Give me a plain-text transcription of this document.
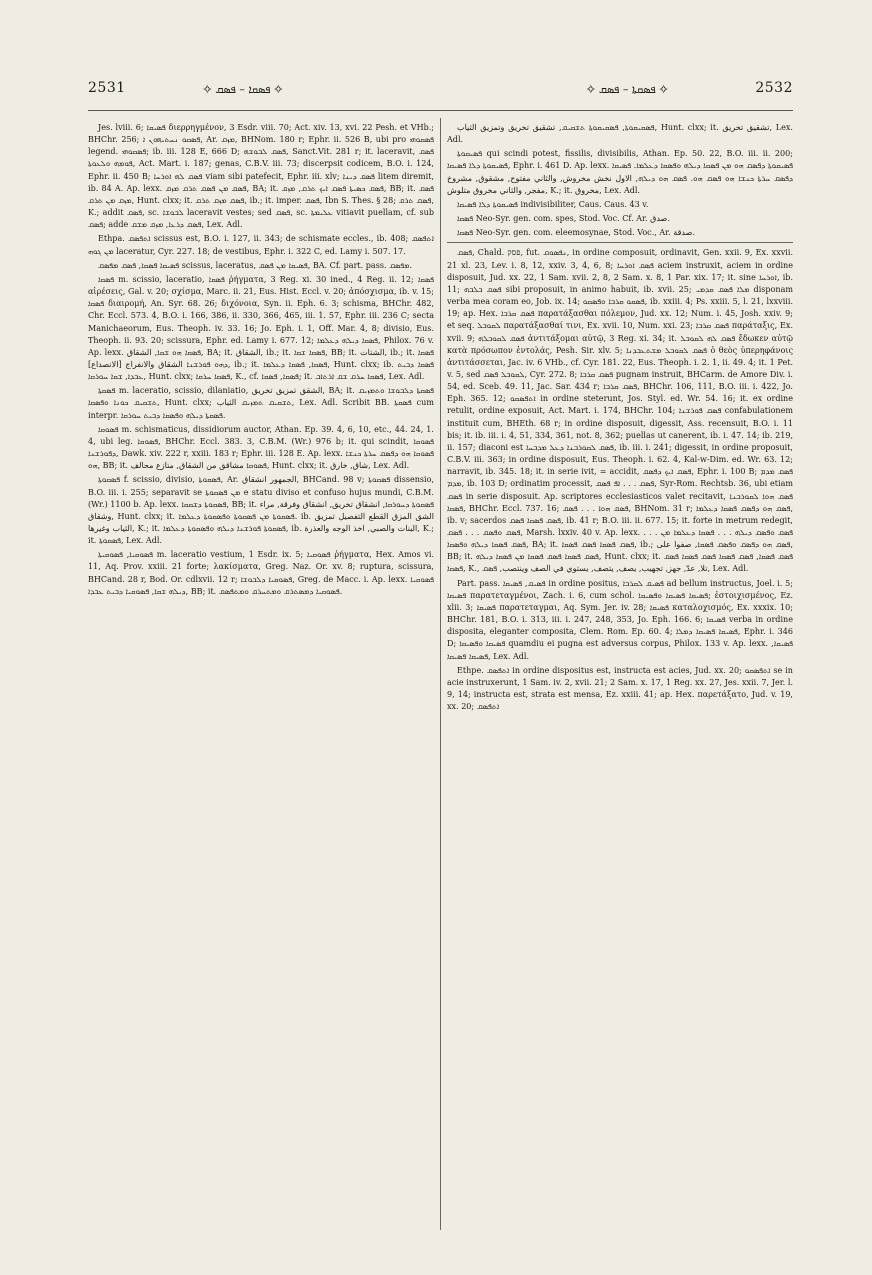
2531	✧ ܦܣܩܐ – ܦܣܩ ✧	✧ ܦܣܩܬܐ – ܦܣܩ ✧	2532

Jes. lviii. 6; ܦܣܝܩܐ διερρηγμένον, 3 Esdr. viii. 70; Act. xiv. 13, xvi. 22 Pesh. et VHb.; BHChr. 256; ܦܣܩܘ ܢܚܬܝܗܘܢ ܐ, Ar. ܡܙܩ, BHNom. 180 r; Ephr. ii. 526 B, ubi pro ܦܣܩܘܗܝ legend. ܦܣܩܘܗܝ; ib. iii. 128 E, 666 D; ܦܣܩ ܠܒܘܫܗ, Sanct.Vit. 281 r; it. laceravit, ܦܣܩ ܦܘܡܗ ܘܠܥܘܬܐ, Act. Mart. i. 187; genas, C.B.V. iii. 73; discerpsit codicem, B.O. i. 124, Ephr. ii. 450 B; ܦܣܩ ܠܗ ܐܘܪܚܐ viam sibi patefecit, Ephr. iii. xlv; ܦܣܩ ܕܝܢܐ litem diremit, ib. 84 A. Ap. lexx. ܦܣܩ ܡܢ ܦܣܩ ܬܪܩ ܡܙܩ, BA; it. ܦܣܩ ܟܣܝܬܐ ܦܣܩ ܐܝܟ ܬܪܩ, ܡܙܩ, BB; it. ܦܣܩ ܡܙܩ ܡܢ ܬܪܩ, Hunt. clxx; it. ܦܣܩ ܡܙܩ ܬܪܩ, ib.; it. imper. ܦܣܩ, Ibn S. Thes. § 28; ܦܣܩ ܬܪܩ, K.; addit ܦܣܩ, sc. ܠܒܘܫܐ laceravit vestes; sed ܦܣܩ, sc. ܥܠܝܡܬܐ vitiavit puellam, cf. sub ܦܣܩ; adde ܦܣܩ ܕܪܥܐ, ܡܙܩ ܡܫܩ, Lex. Adl.

Ethpa. ܐܬܦܣܩ scissus est, B.O. i. 127, ii. 343; de schismate eccles., ib. 408; ܐܬܦܣܩ ܡܢ ܓܘܗ laceratur, Cyr. 227. 18; de vestibus, Ephr. i. 322 C, ed. Lamy i. 507. 17.

ܦܣܝܩܐ ܦܣܩܐ, ܦܣܩ ܡܦܣܩ scissus, laceratus, ܦܣܝܩܐ ܡܢ ܦܣܩ, BA. Cf. part. pass. ܡܦܣܩ.

ܦܣܩܐ m. scissio, laceratio, ܦܣܩܐ ῥήγματα, 3 Reg. xi. 30 ined., 4 Reg. ii. 12; ܦܣܩܐ αἱρέσεις, Gal. v. 20; σχίσμα, Marc. ii. 21, Eus. Hist. Eccl. v. 20; ἀπόσχισμα, ib. v. 15; ܦܣܩܐ διαιρομή, An. Syr. 68. 26; διχόνοια, Syn. ii. Eph. 6. 3; schisma, BHChr. 482, Chr. Eccl. 573. 4, B.O. i. 166, 386, ii. 330, 366, 465, iii. 1. 57, Ephr. iii. 236 C; secta Manichaeorum, Eus. Theoph. iv. 33. 16; Jo. Eph. i. 1, Off. Mar. 4, 8; divisio, Eus. Theoph. ii. 93. 20; scissura, Ephr. ed. Lamy i. 677. 12; ܦܣܩܐ ܕܝܠܗ ܕܥܠܡܐ, Philox. 76 v. Ap. lexx. ܦܣܩܐ ܗܘ ܫܩܐ, الشقاق, BA; it. الشقاق, ib.; it. ܦܣܩܐ ܫܩܐ, BB; it. الشتات, ib.; it. ܦܣܩܐ ܕܗܘ ܦܘܪܫܢܐ الشقاق والانفراج [الانصداع], ib.; it. ܦܣܩܐ, ܦܣܩܐ ܕܥܠܡܐ, Hunt. clxx; ib. ܦܣܩܐ ܕܒܝܬ ܥܒܕܐ, ܫܩܐ ܚܘܪܩܐ, Hunt. clxx; ܦܣܩܐ ܚܪܩܐ, K., cf. ܦܣܩܐ, ܦܣܩܐ; it. ܦܣܩܐ ܚܪܩ ܫܩ ܐܪܬܐܒ, Lex. Adl.

ܦܣܩܬܐ m. laceratio, scissio, dilaniatio, الشقق تمزيق تخريق, BA; it. ܦܣܩܬܐ ܕܠܒܘܫܐ ܘܬܡܙܝܩ ܬܫܩܝܩ ܟܘܢܐ ܘܦܣܩܐ, Hunt. clxx; ܬܫܩܝܩ ܬܡܙܝܩ الثياب, Lex. Adl. Scribit BB. ܦܣܩܬܐ cum interpr. ܦܣܩܬܐ ܕܝܠܗ ܘܦܣܩܐ ܕܒܝܬ ܚܘܪܩܐ.

ܦܣܘܩܐ m. schismaticus, dissidiorum auctor, Athan. Ep. 39. 4, 6, 10, etc., 44. 24, 1. 4, ubi leg. ܦܣܘܩܐ, BHChr. Eccl. 383. 3, C.B.M. (Wr.) 976 b; it. qui scindit, ܦܣܘܩܐ ܕܦܘܪܫܢܐ, Dawk. xiv. 222 r, xxiii. 183 r; Ephr. iii. 128 E. Ap. lexx. ܦܣܘܩܐ ܗܘ ܕܦܣܩ ܚܪܬܐ ܟܢܫܐ ܗܘ, BB; it. ܦܣܘܩܐ مشاقق من الشقاق, متازع محالف, Hunt. clxx; it. شاق, خارق, Lex. Adl.

ܦܣܩܘܬܐ f. scissio, divisio, ܦܣܩܘܬܐ, Ar. الجمهور انشقاق, BHCand. 98 v; ܦܣܩܘܬܐ dissensio, B.O. iii. i. 255; separavit se ܡܢ ܦܣܩܘܬܐ e statu diviso et confuso hujus mundi, C.B.M. (Wr.) 1100 b. Ap. lexx. ܦܣܩܘܬܐ ܕܫܩܩܐ, BB; it. ܦܣܩܘܬܐ ܕܚܘܪܩܐ, انشقاق تخريق, انشقاق وفرقة, مراء وشقاق, Hunt. clxx; it. ܦܣܩܘܬܐ ܡܢ ܦܣܩܘܬܐ ܘܦܣܩܘܬܐ ܕܥܠܡܐ. ib. الشق المزق القطع التفصيل تمزيق الثياب وغيرها, K.; it. ܦܣܩܘܬܐ ܦܘܪܫܢܐ ܕܝܠܗ ܘܦܣܩܘܬܐ ܕܥܠܡܐ, ib. البنات والصبي, اخذ الوجه والعذرة, K.; it. ܦܣܩܘܬܐ, Lex. Adl.

ܦܣܘܩܝܐ, ܦܣܘܩܝܬܐ m. laceratio vestium, 1 Esdr. ix. 5; ܦܣܘܩܝܐ ῥήγματα, Hex. Amos vi. 11, Aq. Prov. xxiii. 21 forte; λακίσματα, Greg. Naz. Or. xv. 8; ruptura, scissura, BHCand. 28 r, Bod. Or. cdlxvii. 12 r; ܦܣܘܩܝܐ ܕܠܒܘܫܐ, Greg. de Macc. i. Ap. lexx. ܦܣܘܩܝܐ ܕܝܠܗ ܫܩܐ, ܦܣܘܩܝܐ ܕܒܝܬ ܥܒܕܐ, BB; it. ܦܣܘܩܝܐ ܕܡܣܬܪܩ ܘܡܬܚܪܩ ܘܡܬܦܣܩ.

ܦܣܩܝܩܘܬܐ, ܦܣܩܝܩܘܬܐ ܬܫܩܝܩ, تشقيق تخريق وتمزيق الثياب, Hunt. clxx; it. تشقيق تخريق, Lex. Adl.

ܦܣܝܩܘܬܐ qui scindi potest, fissilis, divisibilis, Athan. Ep. 50. 22, B.O. iii. ii. 200; ܦܣܝܩܘܬܐ ܕܠܐ ܦܣܝܩܐ, Ephr. i. 461 D. Ap. lexx. ܦܣܝܩܘܬܐ ܕܦܣܩ ܗܘ ܡܢ ܦܣܩܐ ܕܝܠܗ ܘܦܣܩܐ ܕܥܠܡܐ. ܦܣܝܩܐ ܕܦܣܩ ܚܪܬܐ ܟܢܫܐ ܗܘ ܦܣܩ ܗܘ. ܦܣܩ ܗܘ ܕܝܠܗ, الاول نخش مخروش, والثاني مفتوح, مشقوق, مشروخ مفجر, والثاني مخروق متلوش, K.; it. مخروق, Lex. Adl.

ܦܣܝܩܘܬܐ ܕܠܐ ܦܣܝܩܐ indivisibiliter, Caus. Caus. 43 v.

ܦܣܩܐ Neo-Syr. gen. com. spes, Stod. Voc. Cf. Ar. صدق.

ܦܣܩܐ Neo-Syr. gen. com. eleemosynae, Stod. Voc., Ar. صدقة.

ܦܣܩ, Chald. פסק, fut. ܢܦܣܘܩ, in ordine composuit, ordinavit, Gen. xxii. 9, Ex. xxvii. 21 xl. 23, Lev. i. 8, 12, xxiv. 3, 4, 6, 8; ܦܣܩ ܐܘܪܚܐ aciem instruxit, aciem in ordine disposuit, Jud. xx. 22, 1 Sam. xvii. 2, 8, 2 Sam. x. 8, 1 Par. xix. 17; it. sine ܐܘܪܚܐ, ib. 11; ܦܣܩ ܒܠܒܗ sibi proposuit, in animo habuit, ib. xvii. 25; ܡܠܐ ܦܣܩ ܩܕܡܝ disponam verba mea coram eo, Job. ix. 14; ܦܣܩܘ ܩܪܒܐ ܘܦܣܩܘ, ib. xxiii. 4; Ps. xxiii. 5, l. 21, lxxviii. 19; ap. Hex. ܦܣܩ ܩܪܒܐ παρατάξασθαι πόλεμον, Jud. xx. 12; Num. i. 45, Josh. xxiv. 9; et seq. ܠܩܘܒܠ παρατάξασθαί τινι, Ex. xvii. 10, Num. xxi. 23; ܦܣܩ ܩܪܒܐ παράταξις, Ex. xvii. 9; ܦܣܩ ܠܩܘܒܠܗ ἀντιτάξομαι αὐτῷ, 3 Reg. xi. 34; it. ܦܣܩ ܠܗ ܠܩܘܒܠ ἔδωκεν αὐτῷ κατὰ πρόσωπον ἐντολάς, Pesh. Sir. xlv. 5; ܦܣܩ ܠܩܘܒܠ ܡܫܬܥܒܕܢܐ ὁ θεὸς ὑπερηφάνοις ἀντιτάσσεται, Jac. iv. 6 VHb., cf. Cyr. 181. 22, Eus. Theoph. i. 2. 1, ii. 49. 4; it. 1 Pet. v. 5, sed ܠܩܘܒܠ ܦܣܩ, Cyr. 272. 8; ܦܣܩ ܩܪܒܐ pugnam instruit, BHCarm. de Amore Div. i. 54, ed. Sceb. 49. 11, Jac. Sar. 434 r; ܦܣܩ ܩܪܒܐ, BHChr. 106, 111, B.O. iii. i. 422, Jo. Eph. 365. 12; ܐܬܦܣܩܘ in ordine steterunt, Jos. Styl. ed. Wr. 54. 16; it. ex ordine retulit, ordine exposuit, Act. Mart. i. 174, BHChr. 104; ܦܣܩ ܦܘܪܫܢܐ confabulationem instituit cum, BHEth. 68 r; in ordine disposuit, digessit, Ass. recensuit, B.O. i. 11 bis; it. ib. iii. i. 4, 51, 334, 361, not. 8, 362; puellas ut canerent, ib. i. 47. 14; ib. 219, ii. 157; diaconi est ܦܣܩ ܠܩܘܪܒܢܐ ܕܥܠ ܡܕܒܚܐ, ib. iii. i. 241; digessit, in ordine proposuit, C.B.V. iii. 363; in ordine disposuit, Eus. Theoph. i. 62. 4, Kal-w-Dim. ed. Wr. 63. 12; narravit, ib. 345. 18; it. in serie ivit, = accidit, ܦܣܩ ܐܝܟ ܕܦܣܩ, Ephr. i. 100 B; ܦܣܩ ܡܕܡ ܡܕܡ, ib. 103 D; ordinatim processit, ܦܣܩ . . . ܐܦ ܦܣܩ, Syr-Rom. Rechtsb. 36, ubi etiam ܦܣܩ in serie disposuit. Ap. scriptores ecclesiasticos valet recitavit, ܦܣܩ ܗܘܐ ܠܩܘܪܒܢܐ ܦܣܩܐ, BHChr. Eccl. 737. 16; ܦܣܩ ܗܘܐ . . . ܦܣܩ, BHNom. 31 r; ܦܣܩ ܗܘ ܕܦܣܩ ܦܣܩܐ ܕܥܠܡܐ, ib. v; sacerdos ܦܣܩ ܦܣܩܐ ܦܣܩ, ib. 41 r; B.O. iii. ii. 677. 15; it. forte in metrum redegit, ܦܣܩ ܘܦܣܩ . . . ܦܣܩ, Marsh. lxxiv. 40 v. Ap. lexx. . . . ܦܣܩ ܘܦܣܩ ܕܝܠܗ . . . ܦܣܩܐ ܕܥܠܡܐ ܡܢ ܦܣܩ ܦܣܩܐ ܕܝܠܗ ܘܦܣܩܐ, BA; it. ܦܣܩ ܦܣܩܐ ܦܣܩ ܦܣܩܐ, ib.; ܦܣܩ ܗܘ ܕܦܣܩ ܘܦܣܩ ܦܣܩܐ, صفوا على, BB; it. ܦܣܩ ܦܣܩܐ ܦܣܩ ܦܣܩܐ ܡܢ ܦܣܩܐ ܕܝܠܗ, Hunt. clxx; it. ܦܣܩ ܦܣܩܐ, ܦܣܩ ܦܣܩܐ ܦܣܩ ܦܣܩܐ ܦܣܩ ܦܣܩܐ, K., تلا, عدّ, جهز, تجهيب, يصف, يتصف, يستوي في الصف وينتصب, ܦܣܩ, Lex. Adl.

Part. pass. ܦܣܝܩ, ܦܣܝܩܐ in ordine positus, ܦܣܝܩ ܠܩܪܒܐ ad bellum instructus, Joel. i. 5; ܦܣܝܩܐ παρατεταγμένοι, Zach. i. 6, cum schol. ܦܣܝܩܐ ܦܣܝܩܐ ܘܦܣܝܩܐ; ἐστοιχισμένος, Ez. xlii. 3; ܦܣܝܩܐ παρατεταγμαι, Aq. Sym. Jer. iv. 28; ܦܣܝܩܐ καταλοχισμός, Ex. xxxix. 10; BHChr. 181, B.O. i. 313, iii. i. 247, 248, 353, Jo. Eph. 166. 6; ܦܣܝܩܐ verba in ordine disposita, eleganter composita, Clem. Rom. Ep. 60. 4; ܦܣܝܩܐ ܦܣܝܩܐ ܕܡܠܐ, Ephr. i. 346 D; ܦܣܝܩܐ ܘܦܣܝܩܐ quamdiu ei pugna est adversus corpus, Philox. 133 v. Ap. lexx. ܦܣܝܩܐ, ܦܣܝܩܐ ܦܣܝܩܐ, Lex. Adl.

Ethpe. ܐܬܦܣܩ in ordine dispositus est, instructa est acies, Jud. xx. 20; ܐܬܦܣܩܘ se in acie instruxerunt, 1 Sam. iv. 2, xvii. 21; 2 Sam. x. 17, 1 Reg. xx. 27, Jes. xxii. 7, Jer. l. 9, 14; instructa est, strata est mensa, Ez. xxiii. 41; ap. Hex. παρετάξατο, Jud. v. 19, xx. 20; ܐܬܦܣܩ
